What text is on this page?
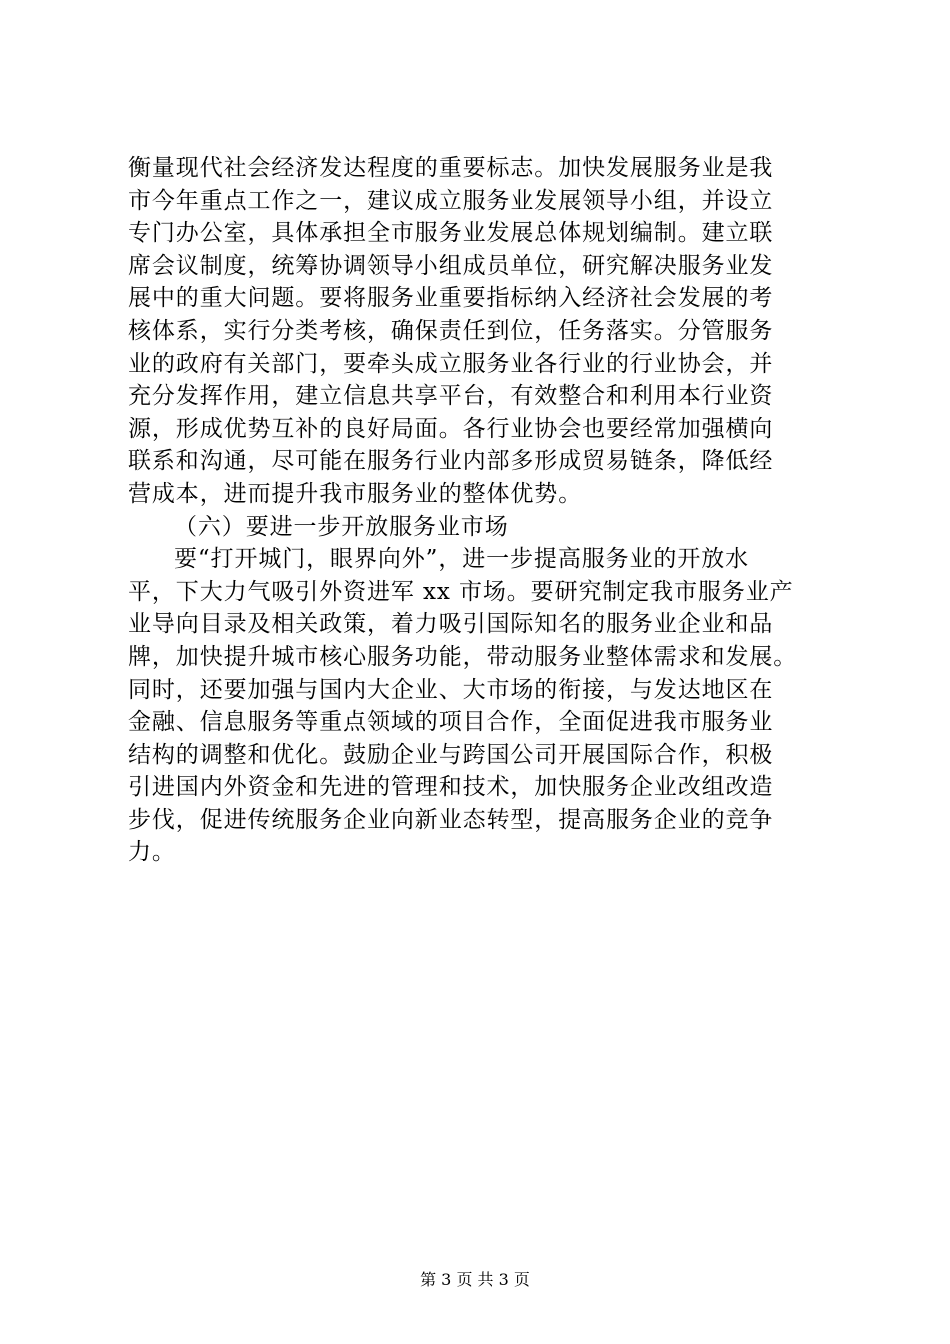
衡量现代社会经济发达程度的重要标志。加快发展服务业是我
市今年重点工作之一，建议成立服务业发展领导小组，并设立
专门办公室，具体承担全市服务业发展总体规划编制。建立联
席会议制度，统筹协调领导小组成员单位，研究解决服务业发
展中的重大问题。要将服务业重要指标纳入经济社会发展的考
核体系，实行分类考核，确保责任到位，任务落实。分管服务
业的政府有关部门，要牵头成立服务业各行业的行业协会，并
充分发挥作用，建立信息共享平台，有效整合和利用本行业资
源，形成优势互补的良好局面。各行业协会也要经常加强横向
联系和沟通，尽可能在服务行业内部多形成贸易链条，降低经
营成本，进而提升我市服务业的整体优势。
（六）要进一步开放服务业市场
要“打开城门，眼界向外”，进一步提高服务业的开放水
平，下大力气吸引外资进军 xx 市场。要研究制定我市服务业产
业导向目录及相关政策，着力吸引国际知名的服务业企业和品
牌，加快提升城市核心服务功能，带动服务业整体需求和发展。
同时，还要加强与国内大企业、大市场的衔接，与发达地区在
金融、信息服务等重点领域的项目合作，全面促进我市服务业
结构的调整和优化。鼓励企业与跨国公司开展国际合作，积极
引进国内外资金和先进的管理和技术，加快服务企业改组改造
步伐，促进传统服务企业向新业态转型，提高服务企业的竞争
力。
第 3 页 共 3 页
